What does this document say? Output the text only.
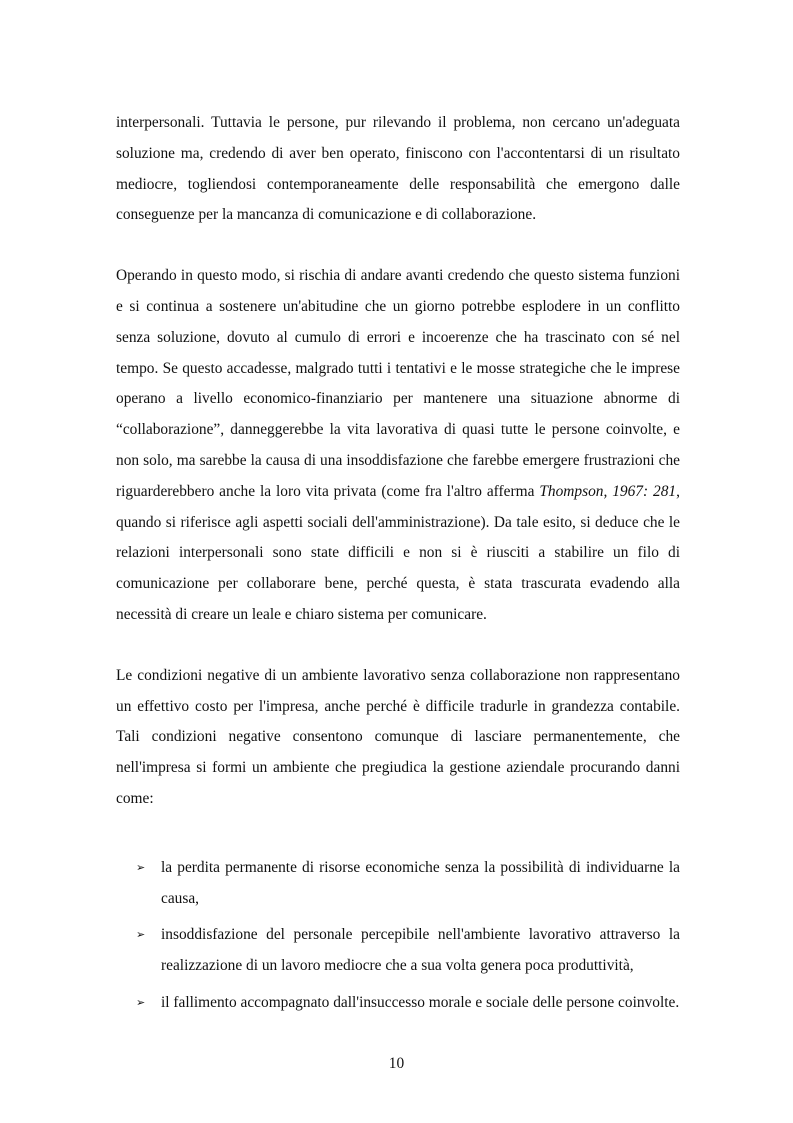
interpersonali. Tuttavia le persone, pur rilevando il problema, non cercano un'adeguata soluzione ma, credendo di aver ben operato, finiscono con l'accontentarsi di un risultato mediocre, togliendosi contemporaneamente delle responsabilità che emergono dalle conseguenze per la mancanza di comunicazione e di collaborazione.

Operando in questo modo, si rischia di andare avanti credendo che questo sistema funzioni e si continua a sostenere un'abitudine che un giorno potrebbe esplodere in un conflitto senza soluzione, dovuto al cumulo di errori e incoerenze che ha trascinato con sé nel tempo. Se questo accadesse, malgrado tutti i tentativi e le mosse strategiche che le imprese operano a livello economico-finanziario per mantenere una situazione abnorme di “collaborazione”, danneggerebbe la vita lavorativa di quasi tutte le persone coinvolte, e non solo, ma sarebbe la causa di una insoddisfazione che farebbe emergere frustrazioni che riguarderebbero anche la loro vita privata (come fra l'altro afferma Thompson, 1967: 281, quando si riferisce agli aspetti sociali dell'amministrazione). Da tale esito, si deduce che le relazioni interpersonali sono state difficili e non si è riusciti a stabilire un filo di comunicazione per collaborare bene, perché questa, è stata trascurata evadendo alla necessità di creare un leale e chiaro sistema per comunicare.

Le condizioni negative di un ambiente lavorativo senza collaborazione non rappresentano un effettivo costo per l'impresa, anche perché è difficile tradurle in grandezza contabile. Tali condizioni negative consentono comunque di lasciare permanentemente, che nell'impresa si formi un ambiente che pregiudica la gestione aziendale procurando danni come:

➢ la perdita permanente di risorse economiche senza la possibilità di individuarne la causa,
➢ insoddisfazione del personale percepibile nell'ambiente lavorativo attraverso la realizzazione di un lavoro mediocre che a sua volta genera poca produttività,
➢ il fallimento accompagnato dall'insuccesso morale e sociale delle persone coinvolte.
10
